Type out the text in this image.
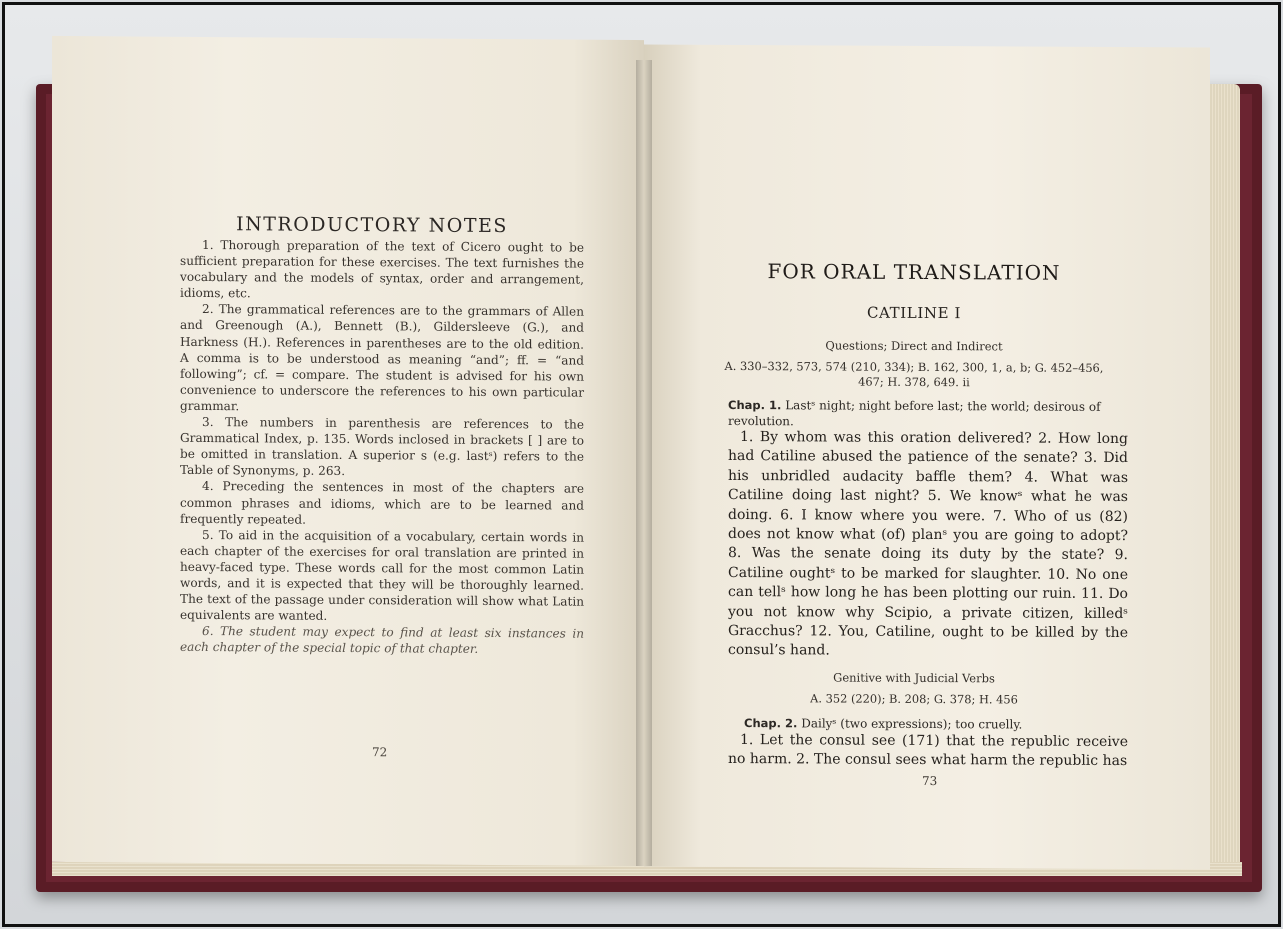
INTRODUCTORY NOTES

1. Thorough preparation of the text of Cicero ought to be sufficient preparation for these exercises. The text furnishes the vocabulary and the models of syntax, order and arrangement, idioms, etc.

2. The grammatical references are to the grammars of Allen and Greenough (A.), Bennett (B.), Gildersleeve (G.), and Harkness (H.). References in parentheses are to the old edition. A comma is to be understood as meaning “and”; ff. = “and following”; cf. = compare. The student is advised for his own convenience to underscore the references to his own particular grammar.

3. The numbers in parenthesis are references to the Grammatical Index, p. 135. Words inclosed in brackets [ ] are to be omitted in translation. A superior s (e.g. lastˢ) refers to the Table of Synonyms, p. 263.

4. Preceding the sentences in most of the chapters are common phrases and idioms, which are to be learned and frequently repeated.

5. To aid in the acquisition of a vocabulary, certain words in each chapter of the exercises for oral translation are printed in heavy-faced type. These words call for the most common Latin words, and it is expected that they will be thoroughly learned. The text of the passage under consideration will show what Latin equivalents are wanted.

6. The student may expect to find at least six instances in each chapter of the special topic of that chapter.

72
FOR ORAL TRANSLATION
CATILINE I
Questions; Direct and Indirect
A. 330–332, 573, 574 (210, 334); B. 162, 300, 1, a, b; G. 452–456, 467; H. 378, 649. ii
Chap. 1. Lastˢ night; night before last; the world; desirous of revolution.

1. By whom was this oration delivered? 2. How long had Catiline abused the patience of the senate? 3. Did his unbridled audacity baffle them? 4. What was Catiline doing last night? 5. We knowˢ what he was doing. 6. I know where you were. 7. Who of us (82) does not know what (of) planˢ you are going to adopt? 8. Was the senate doing its duty by the state? 9. Catiline oughtˢ to be marked for slaughter. 10. No one can tellˢ how long he has been plotting our ruin. 11. Do you not know why Scipio, a private citizen, killedˢ Gracchus? 12. You, Catiline, ought to be killed by the consul’s hand.

Genitive with Judicial Verbs
A. 352 (220); B. 208; G. 378; H. 456
Chap. 2. Dailyˢ (two expressions); too cruelly.

1. Let the consul see (171) that the republic receive no harm. 2. The consul sees what harm the republic has

73
